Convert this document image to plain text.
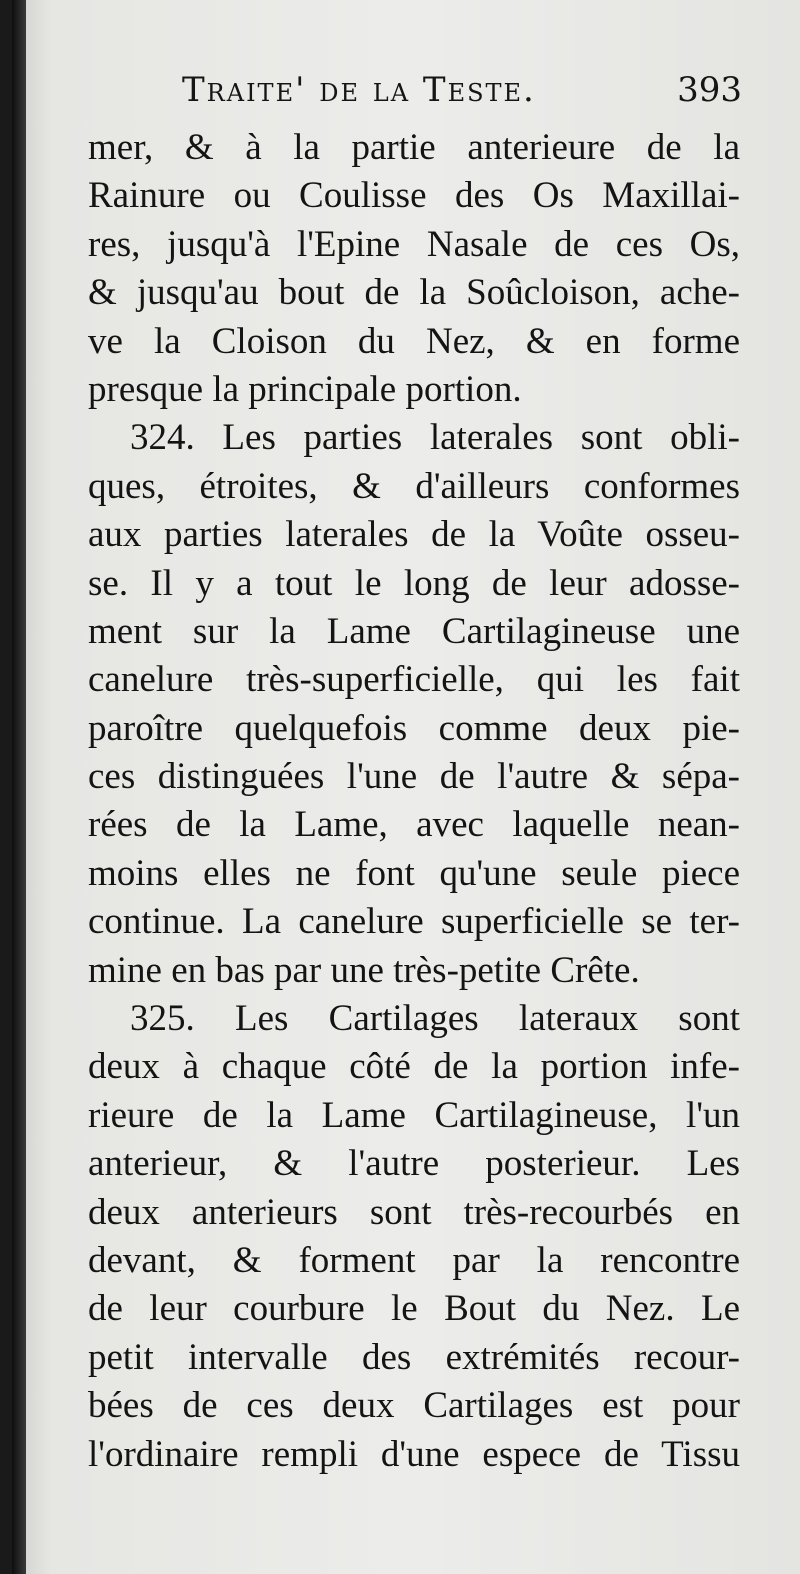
Traite' de la Teste.	393
mer, & à la partie anterieure de la
Rainure ou Coulisse des Os Maxillai-
res, jusqu'à l'Epine Nasale de ces Os,
& jusqu'au bout de la Soûcloison, ache-
ve la Cloison du Nez, & en forme
presque la principale portion.
324. Les parties laterales sont obli-
ques, étroites, & d'ailleurs conformes
aux parties laterales de la Voûte osseu-
se. Il y a tout le long de leur adosse-
ment sur la Lame Cartilagineuse une
canelure très-superficielle, qui les fait
paroître quelquefois comme deux pie-
ces distinguées l'une de l'autre & sépa-
rées de la Lame, avec laquelle nean-
moins elles ne font qu'une seule piece
continue. La canelure superficielle se ter-
mine en bas par une très-petite Crête.
325. Les Cartilages lateraux sont
deux à chaque côté de la portion infe-
rieure de la Lame Cartilagineuse, l'un
anterieur, & l'autre posterieur. Les
deux anterieurs sont très-recourbés en
devant, & forment par la rencontre
de leur courbure le Bout du Nez. Le
petit intervalle des extrémités recour-
bées de ces deux Cartilages est pour
l'ordinaire rempli d'une espece de Tissu
